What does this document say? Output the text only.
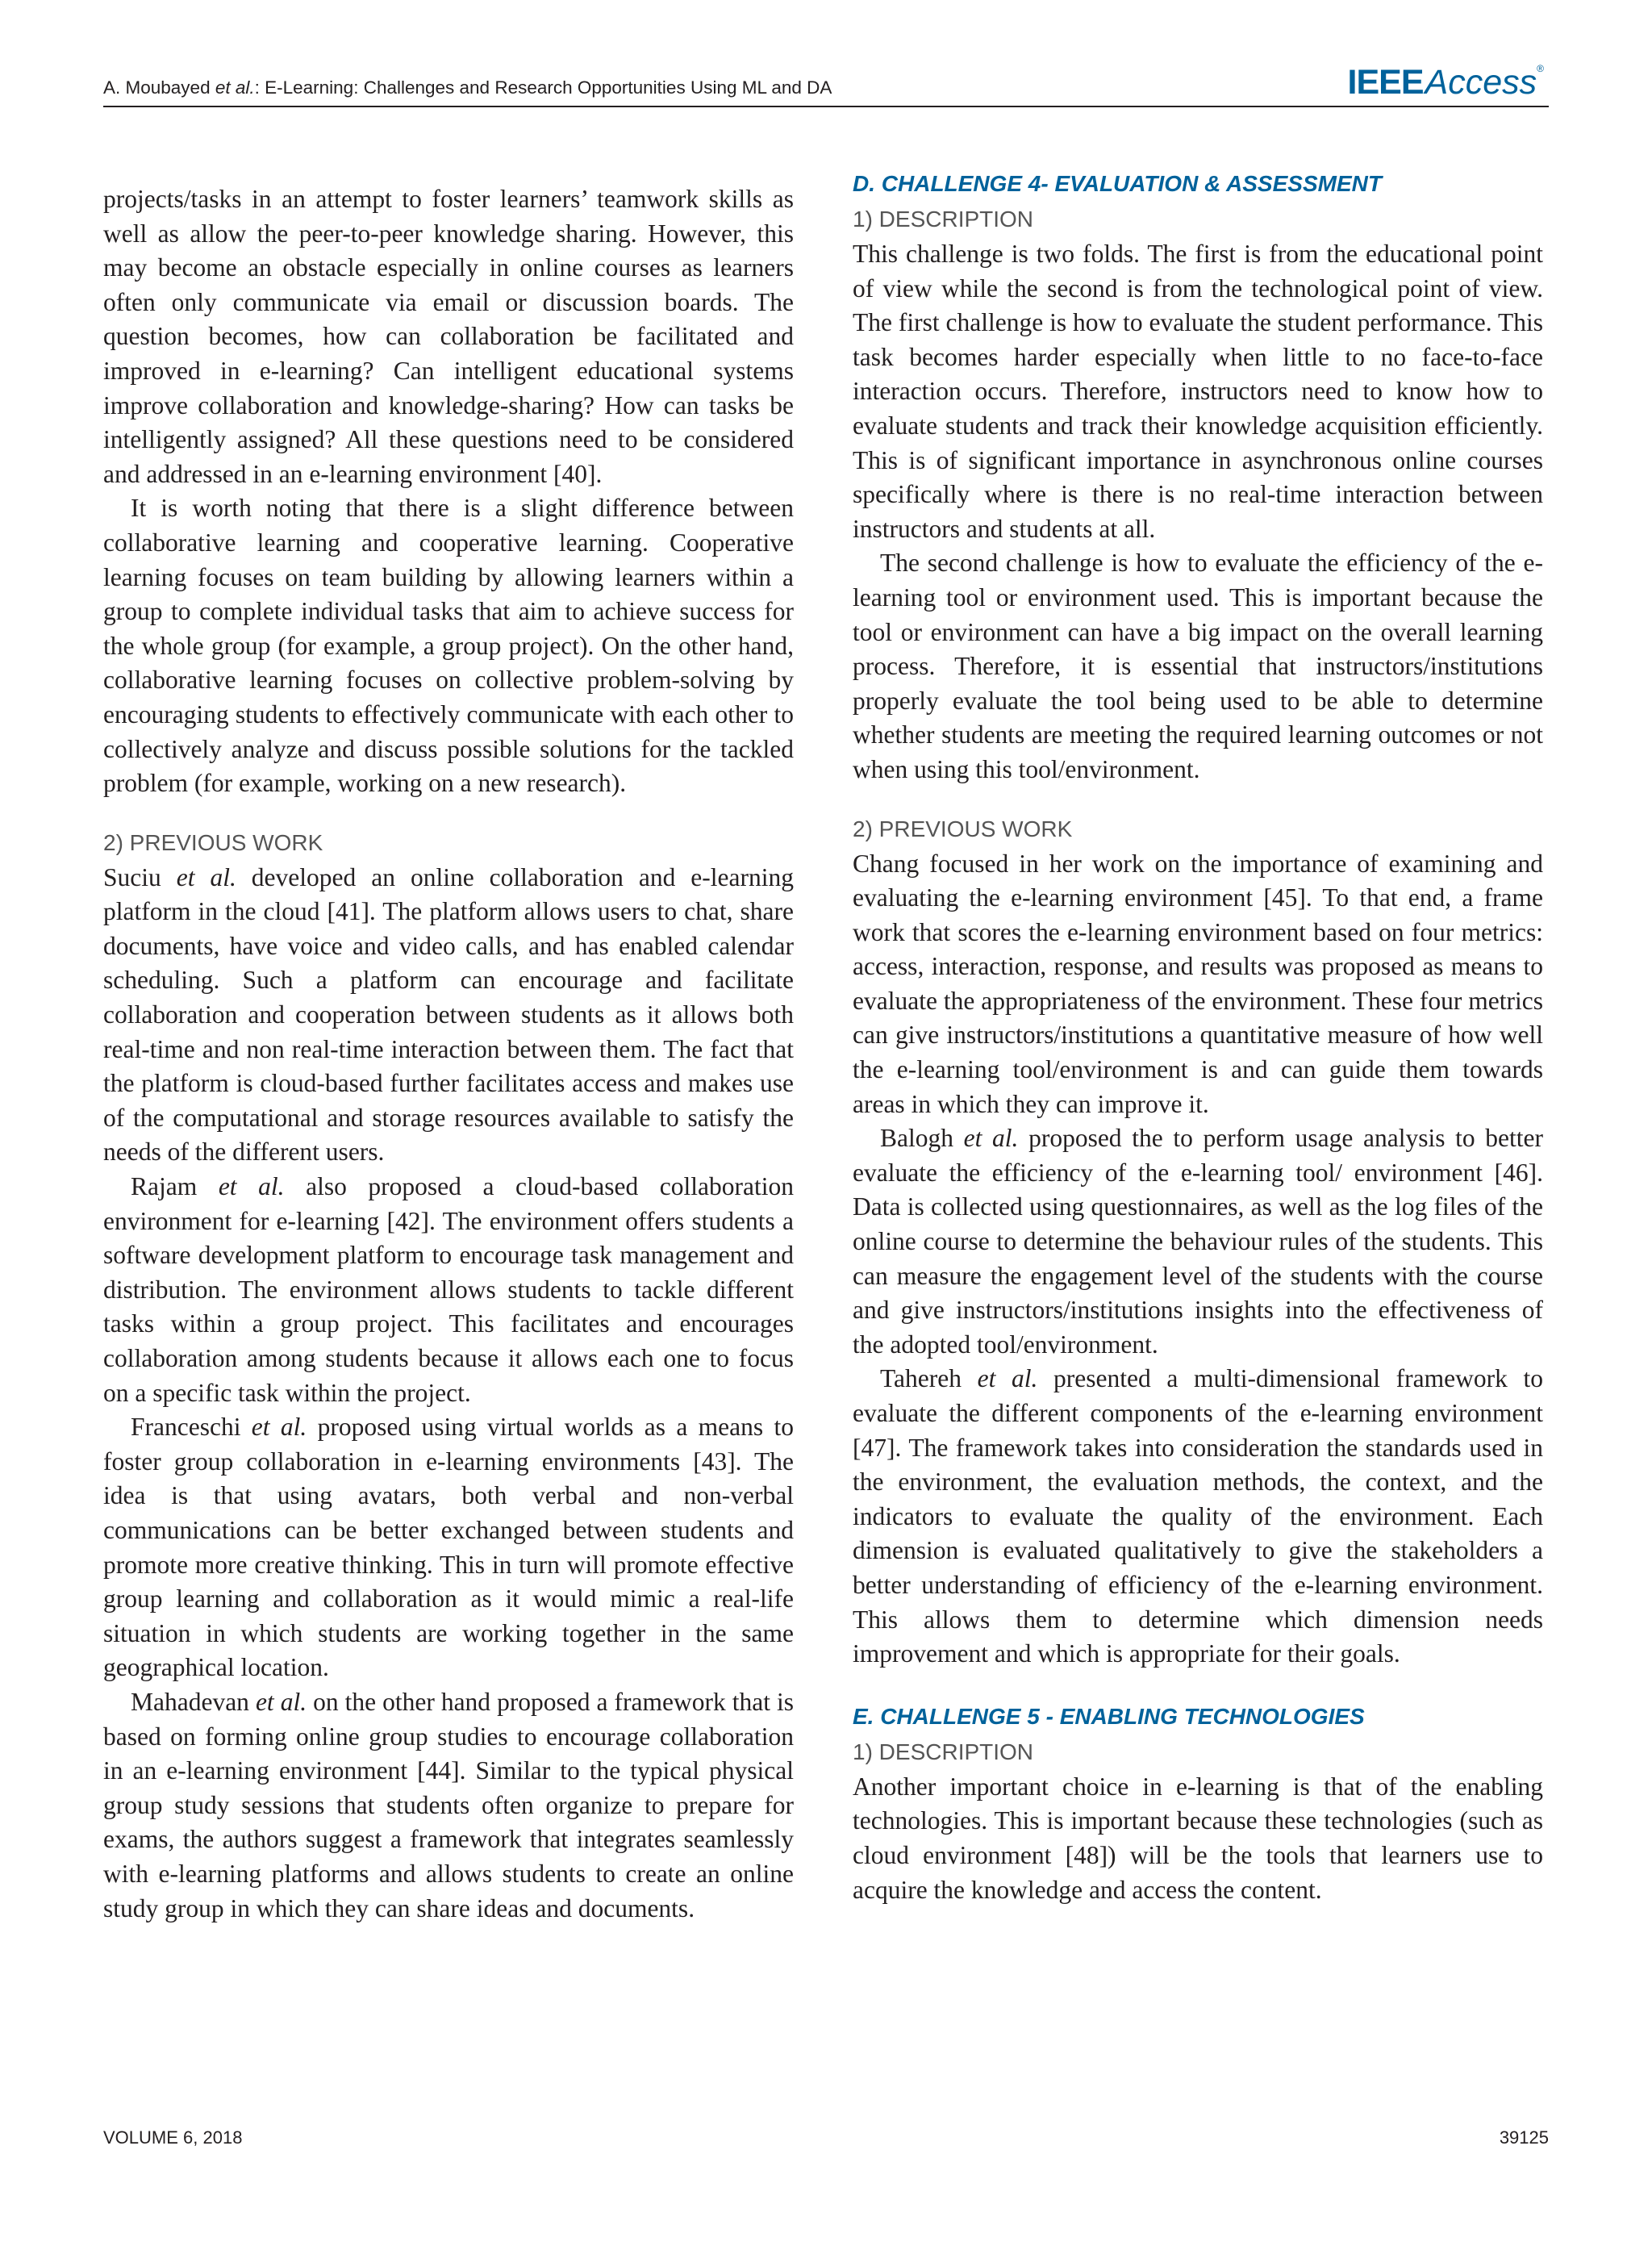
A. Moubayed et al.: E-Learning: Challenges and Research Opportunities Using ML and DA	IEEEAccess®

projects/tasks in an attempt to foster learners’ teamwork skills as well as allow the peer-to-peer knowledge sharing. However, this may become an obstacle especially in online courses as learners often only communicate via email or discussion boards. The question becomes, how can collaboration be facilitated and improved in e-learning? Can intelligent educational systems improve collaboration and knowledge-sharing? How can tasks be intelligently assigned? All these questions need to be considered and addressed in an e-learning environment [40].

It is worth noting that there is a slight difference between collaborative learning and cooperative learning. Cooperative learning focuses on team building by allowing learners within a group to complete individual tasks that aim to achieve success for the whole group (for example, a group project). On the other hand, collaborative learning focuses on collective problem-solving by encouraging students to effectively communicate with each other to collectively analyze and discuss possible solutions for the tackled problem (for example, working on a new research).

2) PREVIOUS WORK

Suciu et al. developed an online collaboration and e-learning platform in the cloud [41]. The platform allows users to chat, share documents, have voice and video calls, and has enabled calendar scheduling. Such a platform can encourage and facilitate collaboration and cooperation between students as it allows both real-time and non real-time interaction between them. The fact that the platform is cloud-based further facilitates access and makes use of the computational and storage resources available to satisfy the needs of the different users.

Rajam et al. also proposed a cloud-based collaboration environment for e-learning [42]. The environment offers students a software development platform to encourage task management and distribution. The environment allows students to tackle different tasks within a group project. This facilitates and encourages collaboration among students because it allows each one to focus on a specific task within the project.

Franceschi et al. proposed using virtual worlds as a means to foster group collaboration in e-learning environments [43]. The idea is that using avatars, both verbal and non-verbal communications can be better exchanged between students and promote more creative thinking. This in turn will promote effective group learning and collaboration as it would mimic a real-life situation in which students are working together in the same geographical location.

Mahadevan et al. on the other hand proposed a framework that is based on forming online group studies to encourage collaboration in an e-learning environment [44]. Similar to the typical physical group study sessions that students often organize to prepare for exams, the authors suggest a framework that integrates seamlessly with e-learning platforms and allows students to create an online study group in which they can share ideas and documents.

D. CHALLENGE 4- EVALUATION & ASSESSMENT

1) DESCRIPTION

This challenge is two folds. The first is from the educational point of view while the second is from the technological point of view. The first challenge is how to evaluate the student performance. This task becomes harder especially when little to no face-to-face interaction occurs. Therefore, instructors need to know how to evaluate students and track their knowledge acquisition efficiently. This is of significant importance in asynchronous online courses specifically where is there is no real-time interaction between instructors and students at all.

The second challenge is how to evaluate the efficiency of the e-learning tool or environment used. This is important because the tool or environment can have a big impact on the overall learning process. Therefore, it is essential that instructors/institutions properly evaluate the tool being used to be able to determine whether students are meeting the required learning outcomes or not when using this tool/environment.

2) PREVIOUS WORK

Chang focused in her work on the importance of examining and evaluating the e-learning environment [45]. To that end, a frame work that scores the e-learning environment based on four metrics: access, interaction, response, and results was proposed as means to evaluate the appropriateness of the environment. These four metrics can give instructors/institutions a quantitative measure of how well the e-learning tool/environment is and can guide them towards areas in which they can improve it.

Balogh et al. proposed the to perform usage analysis to better evaluate the efficiency of the e-learning tool/ environment [46]. Data is collected using questionnaires, as well as the log files of the online course to determine the behaviour rules of the students. This can measure the engagement level of the students with the course and give instructors/institutions insights into the effectiveness of the adopted tool/environment.

Tahereh et al. presented a multi-dimensional framework to evaluate the different components of the e-learning environment [47]. The framework takes into consideration the standards used in the environment, the evaluation methods, the context, and the indicators to evaluate the quality of the environment. Each dimension is evaluated qualitatively to give the stakeholders a better understanding of efficiency of the e-learning environment. This allows them to determine which dimension needs improvement and which is appropriate for their goals.

E. CHALLENGE 5 - ENABLING TECHNOLOGIES

1) DESCRIPTION

Another important choice in e-learning is that of the enabling technologies. This is important because these technologies (such as cloud environment [48]) will be the tools that learners use to acquire the knowledge and access the content.

VOLUME 6, 2018	39125
